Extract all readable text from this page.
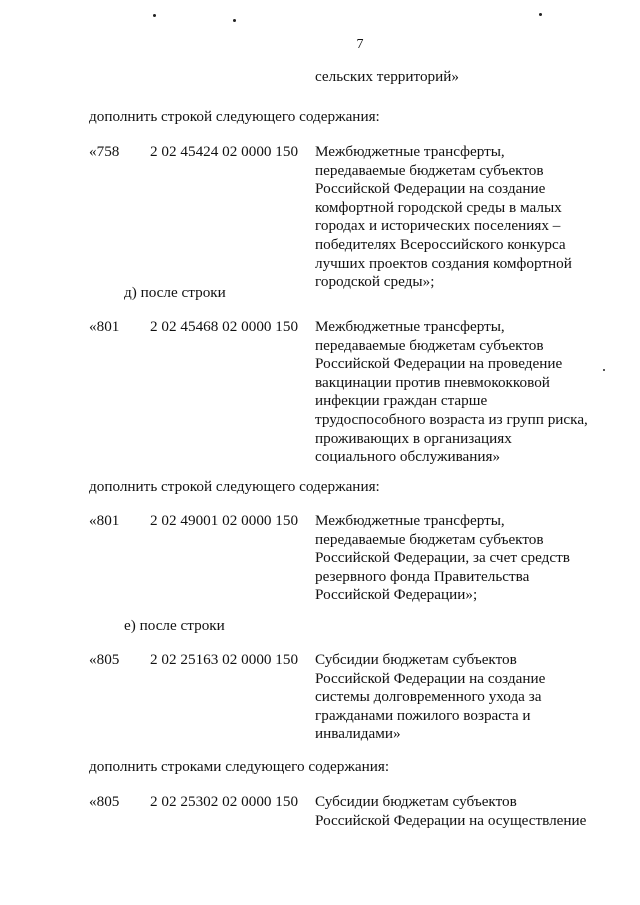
7
сельских территорий»
дополнить строкой следующего содержания:
«758 2 02 45424 02 0000 150 Межбюджетные трансферты,
передаваемые бюджетам субъектов
Российской Федерации на создание
комфортной городской среды в малых
городах и исторических поселениях –
победителях Всероссийского конкурса
лучших проектов создания комфортной
городской среды»;
д) после строки
«801 2 02 45468 02 0000 150 Межбюджетные трансферты,
передаваемые бюджетам субъектов
Российской Федерации на проведение
вакцинации против пневмококковой
инфекции граждан старше
трудоспособного возраста из групп риска,
проживающих в организациях
социального обслуживания»
дополнить строкой следующего содержания:
«801 2 02 49001 02 0000 150 Межбюджетные трансферты,
передаваемые бюджетам субъектов
Российской Федерации, за счет средств
резервного фонда Правительства
Российской Федерации»;
е) после строки
«805 2 02 25163 02 0000 150 Субсидии бюджетам субъектов
Российской Федерации на создание
системы долговременного ухода за
гражданами пожилого возраста и
инвалидами»
дополнить строками следующего содержания:
«805 2 02 25302 02 0000 150 Субсидии бюджетам субъектов
Российской Федерации на осуществление
